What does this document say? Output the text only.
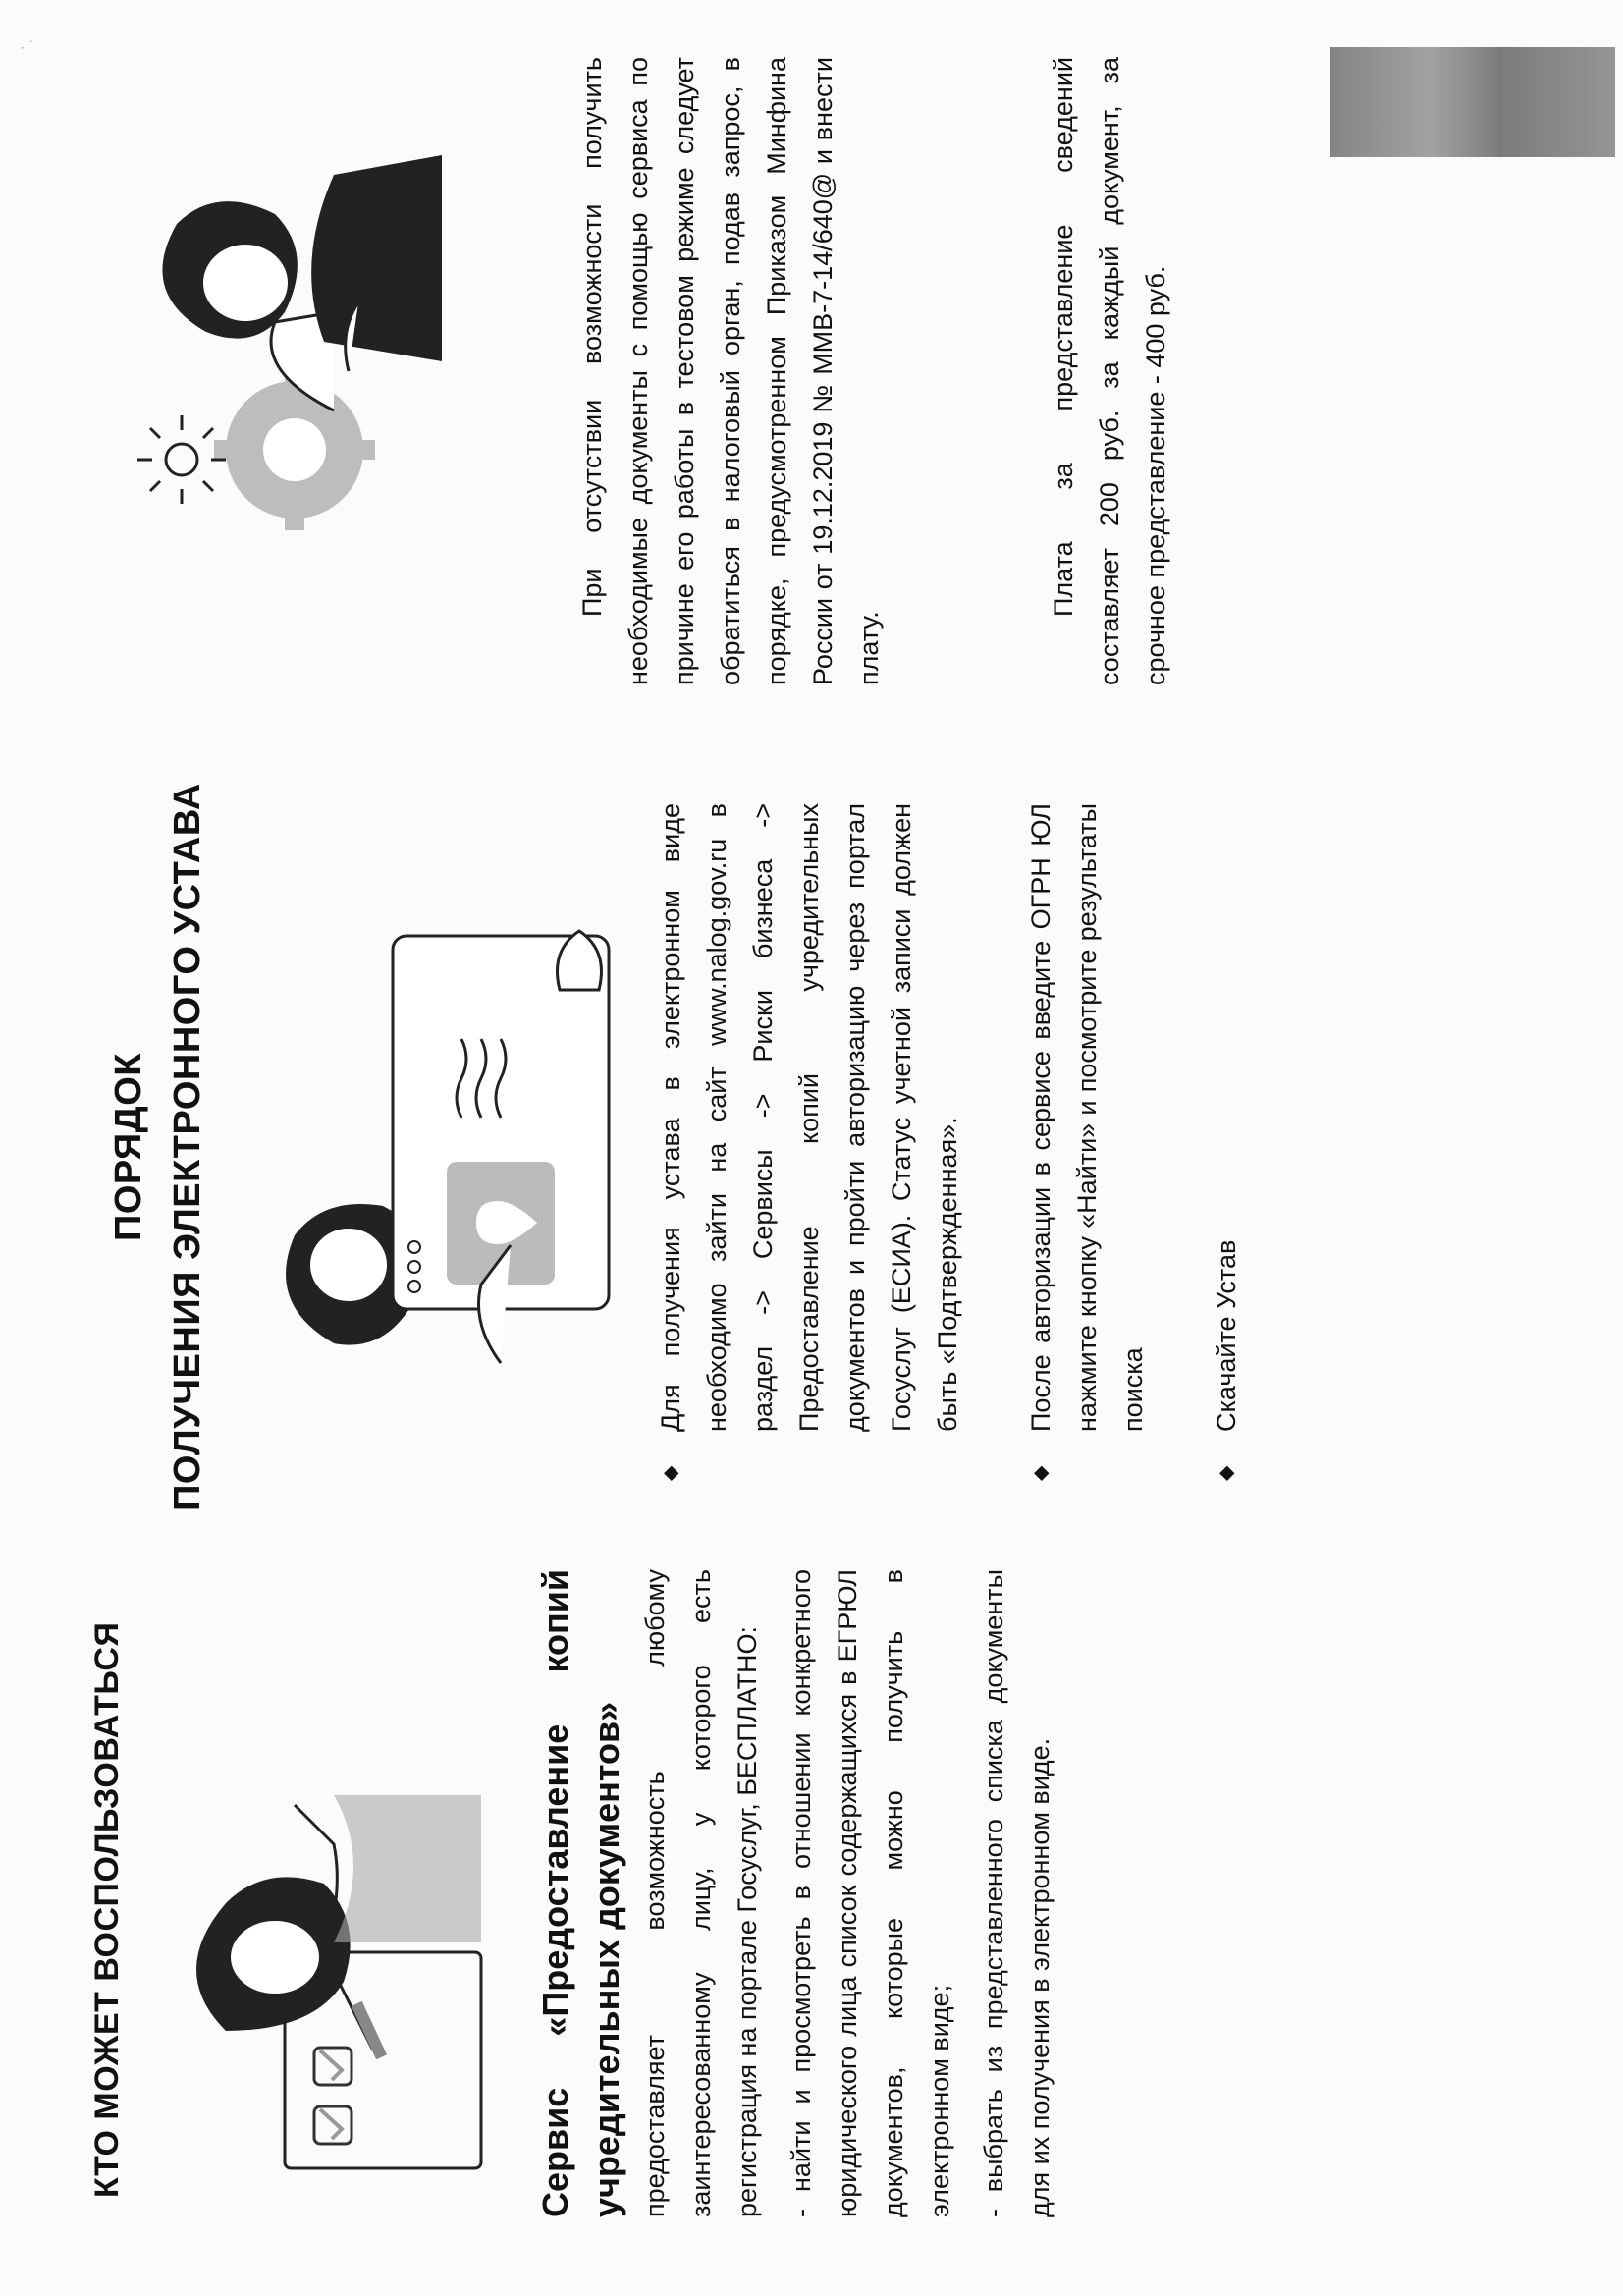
· ˙
КТО МОЖЕТ ВОСПОЛЬЗОВАТЬСЯ	Сервис «Предоставление копий учредительных документов» предоставляет возможность любому заинтересованному лицу, у которого есть регистрация на портале Госуслуг, БЕСПЛАТНО: - найти и просмотреть в отношении конкретного юридического лица список содержащихся в ЕГРЮЛ документов, которые можно получить в электронном виде; - выбрать из представленного списка документы для их получения в электронном виде.
ПОРЯДОК ПОЛУЧЕНИЯ ЭЛЕКТРОННОГО УСТАВА	◆
Для получения устава в электронном виде необходимо зайти на сайт www.nalog.gov.ru в раздел -> Сервисы -> Риски бизнеса -> Предоставление копий учредительных документов и пройти авторизацию через портал Госуслуг (ЕСИА). Статус учетной записи должен быть «Подтвержденная».
◆
После авторизации в сервисе введите ОГРН ЮЛ нажмите кнопку «Найти» и посмотрите результаты поиска
◆
Скачайте Устав
При отсутствии возможности получить необходимые документы с помощью сервиса по причине его работы в тестовом режиме следует обратиться в налоговый орган, подав запрос, в порядке, предусмотренном Приказом Минфина России от 19.12.2019 № ММВ-7-14/640@ и внести плату.
Плата за представление сведений составляет 200 руб. за каждый документ, за срочное представление - 400 руб.
